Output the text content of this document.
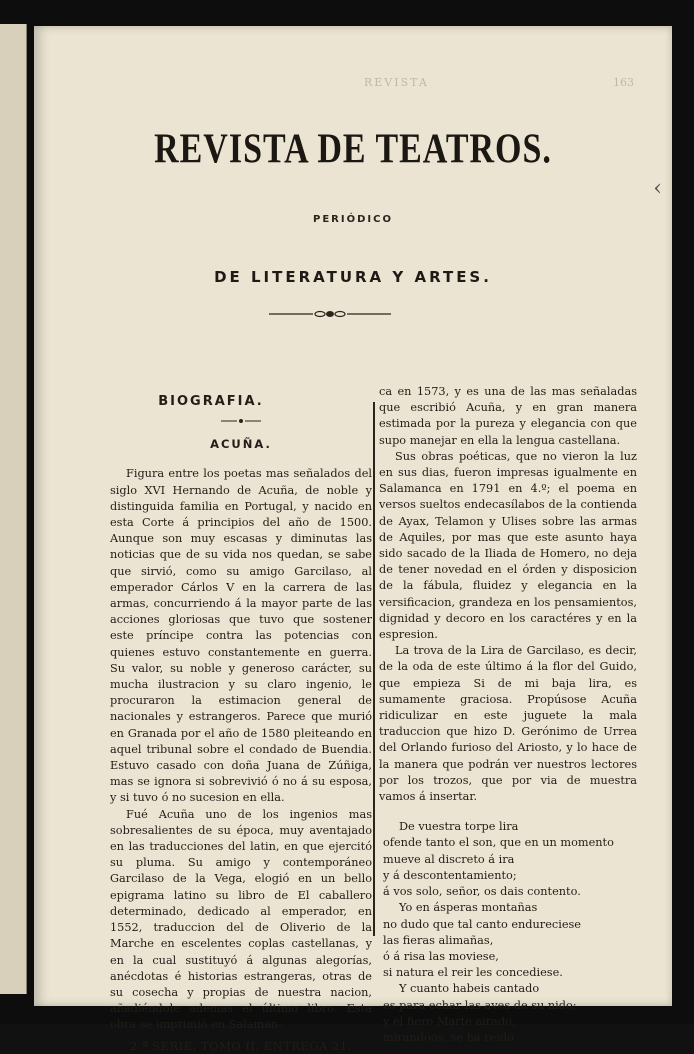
‹
REVISTA	163
REVISTA DE TEATROS.
PERIÓDICO
DE LITERATURA Y ARTES.
BIOGRAFIA.
ACUÑA.

Figura entre los poetas mas señalados del siglo XVI Hernando de Acuña, de noble y distinguida familia en Portugal, y nacido en esta Corte á principios del año de 1500. Aunque son muy escasas y diminutas las noticias que de su vida nos quedan, se sabe que sirvió, como su amigo Garcilaso, al emperador Cárlos V en la carrera de las armas, concurriendo á la mayor parte de las acciones gloriosas que tuvo que sostener este príncipe contra las potencias con quienes estuvo constantemente en guerra. Su valor, su noble y generoso carácter, su mucha ilustracion y su claro ingenio, le procuraron la estimacion general de nacionales y estrangeros. Parece que murió en Granada por el año de 1580 pleiteando en aquel tribunal sobre el condado de Buendia. Estuvo casado con doña Juana de Zúñiga, mas se ignora si sobrevivió ó no á su esposa, y si tuvo ó no sucesion en ella.

Fué Acuña uno de los ingenios mas sobresalientes de su época, muy aventajado en las traducciones del latin, en que ejercitó su pluma. Su amigo y contemporáneo Garcilaso de la Vega, elogió en un bello epigrama latino su libro de El caballero determinado, dedicado al emperador, en 1552, traduccion del de Oliverio de la Marche en escelentes coplas castellanas, y en la cual sustituyó á algunas alegorías, anécdotas é historias estrangeras, otras de su cosecha y propias de nuestra nacion, añadiéndole ademas el último libro. Esta obra se imprimió en Salaman-

2.ª SERIE, TOMO II, ENTREGA 21.

ca en 1573, y es una de las mas señaladas que escribió Acuña, y en gran manera estimada por la pureza y elegancia con que supo manejar en ella la lengua castellana.

Sus obras poéticas, que no vieron la luz en sus dias, fueron impresas igualmente en Salamanca en 1791 en 4.º; el poema en versos sueltos endecasílabos de la contienda de Ayax, Telamon y Ulises sobre las armas de Aquiles, por mas que este asunto haya sido sacado de la Iliada de Homero, no deja de tener novedad en el órden y disposicion de la fábula, fluidez y elegancia en la versificacion, grandeza en los pensamientos, dignidad y decoro en los caractéres y en la espresion.

La trova de la Lira de Garcilaso, es decir, de la oda de este último á la flor del Guido, que empieza Si de mi baja lira, es sumamente graciosa. Propúsose Acuña ridiculizar en este juguete la mala traduccion que hizo D. Gerónimo de Urrea del Orlando furioso del Ariosto, y lo hace de la manera que podrán ver nuestros lectores por los trozos, que por via de muestra vamos á insertar.

De vuestra torpe lira
ofende tanto el son, que en un momento
mueve al discreto á ira
y á descontentamiento;
á vos solo, señor, os dais contento.
Yo en ásperas montañas
no dudo que tal canto endureciese
las fieras alimañas,
ó á risa las moviese,
si natura el reir les concediese.
Y cuanto habeis cantado
es para echar las aves de su nido;
y el fiero Marte airado,
mirandoos, se ha reido
